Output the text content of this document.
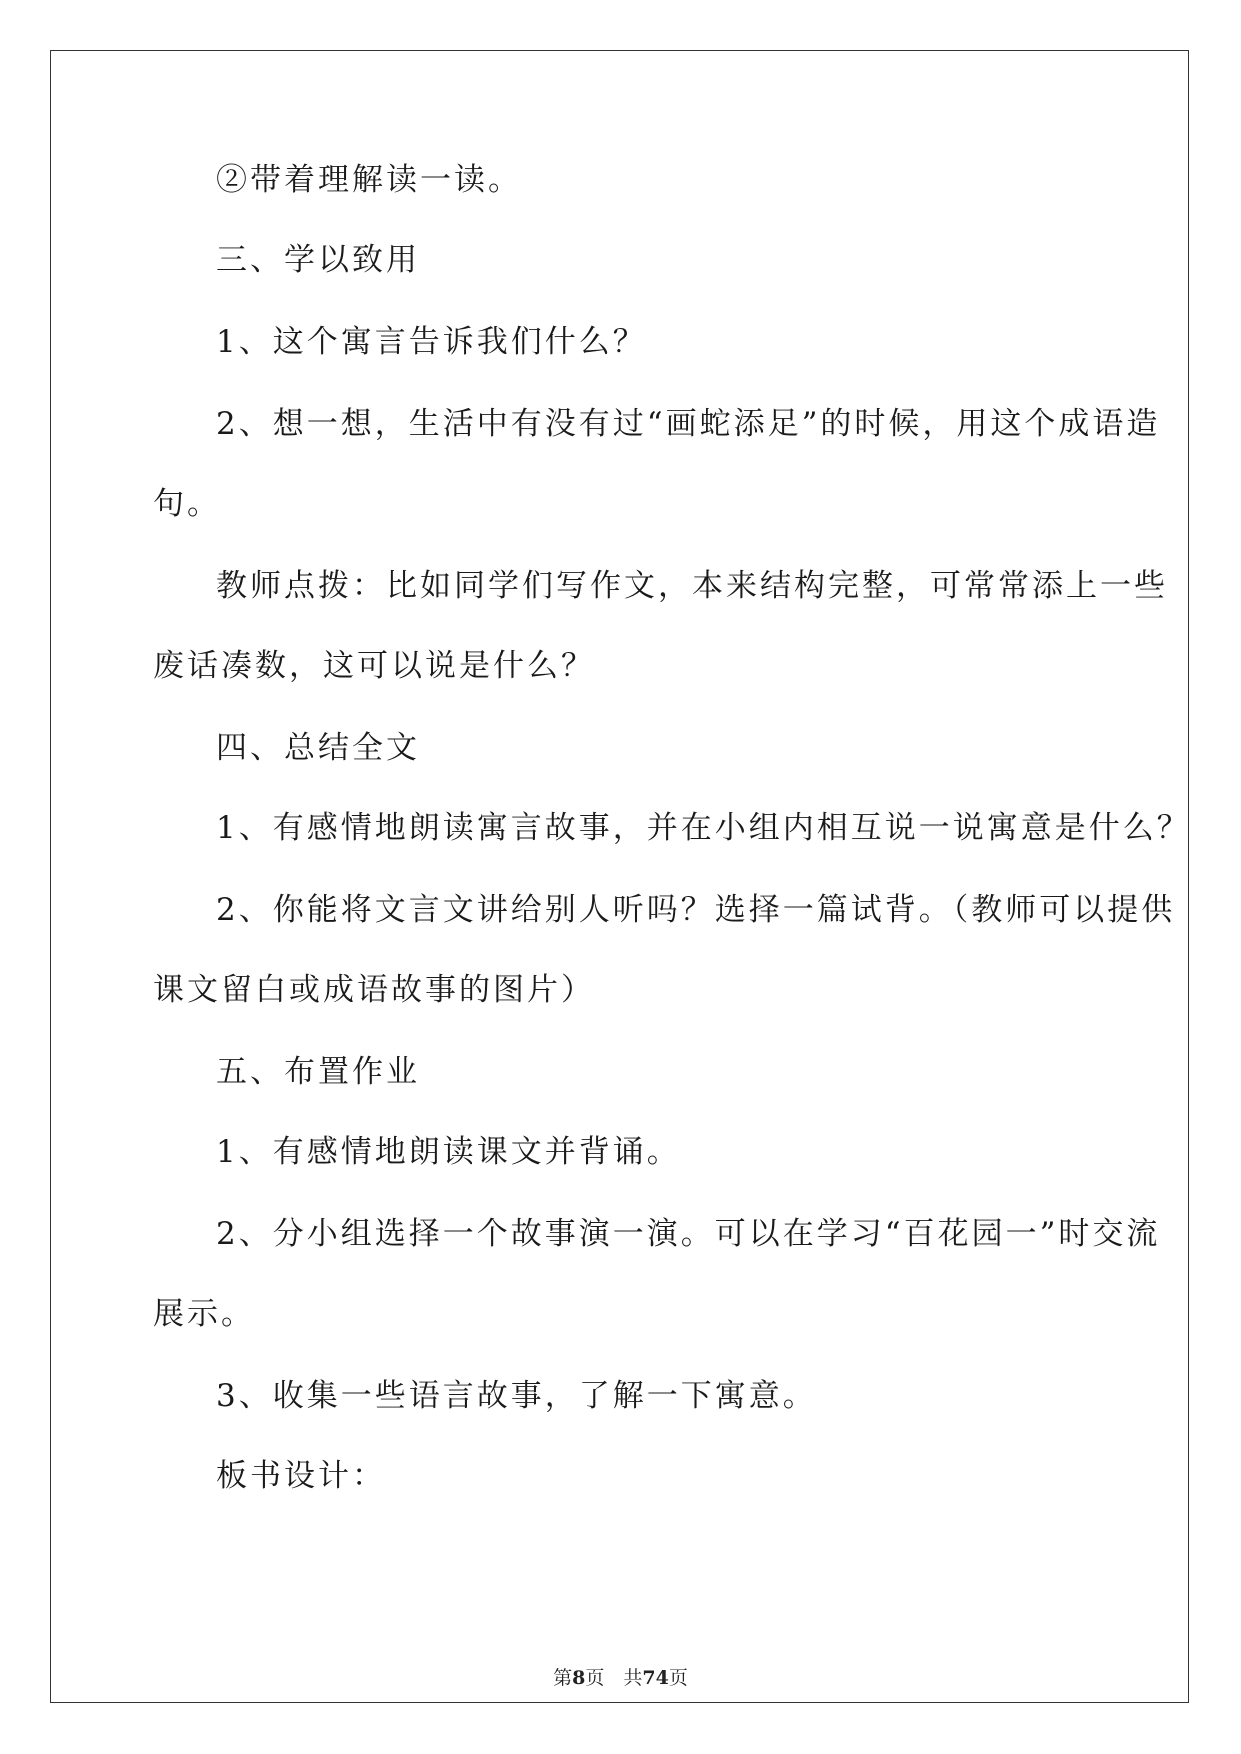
②带着理解读一读。
三、学以致用
1、这个寓言告诉我们什么？
2、想一想，生活中有没有过“画蛇添足”的时候，用这个成语造
句。
教师点拨：比如同学们写作文，本来结构完整，可常常添上一些
废话凑数，这可以说是什么？
四、总结全文
1、有感情地朗读寓言故事，并在小组内相互说一说寓意是什么？
2、你能将文言文讲给别人听吗？选择一篇试背。（教师可以提供
课文留白或成语故事的图片）
五、布置作业
1、有感情地朗读课文并背诵。
2、分小组选择一个故事演一演。可以在学习“百花园一”时交流
展示。
3、收集一些语言故事，了解一下寓意。
板书设计：
第8页　共74页
